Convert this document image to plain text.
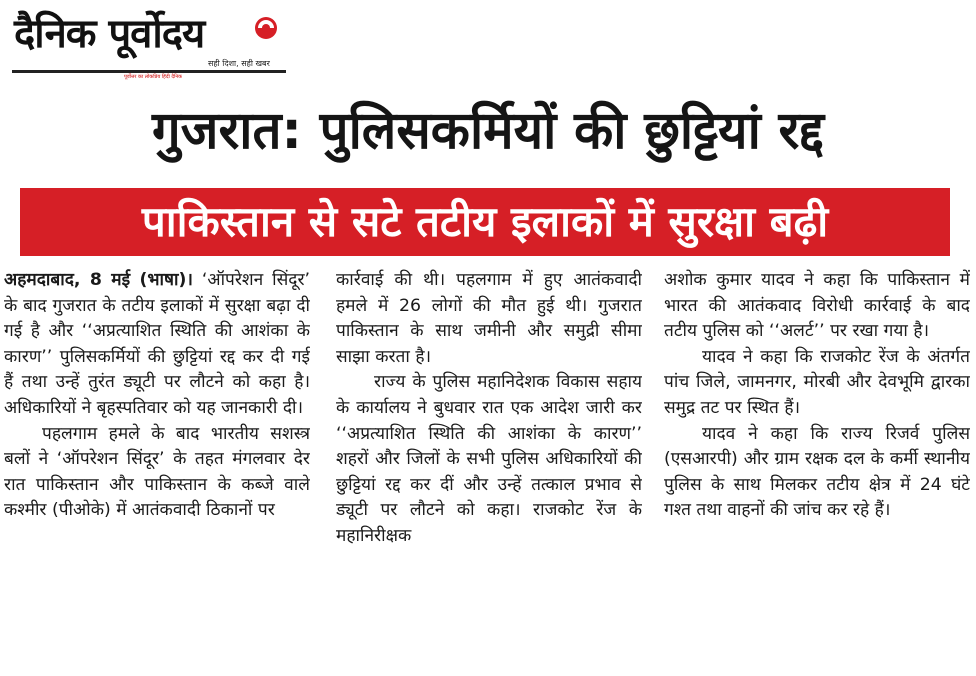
दैनिक पूर्वोदय
सही दिशा, सही खबर
पूर्वोत्तर का लोकप्रिय हिंदी दैनिक
गुजरात: पुलिसकर्मियों की छुट्टियां रद्द
पाकिस्तान से सटे तटीय इलाकों में सुरक्षा बढ़ी

अहमदाबाद, 8 मई (भाषा)। ‘ऑपरेशन सिंदूर’ के बाद गुजरात के तटीय इलाकों में सुरक्षा बढ़ा दी गई है और ‘‘अप्रत्याशित स्थिति की आशंका के कारण’’ पुलिसकर्मियों की छुट्टियां रद्द कर दी गई हैं तथा उन्हें तुरंत ड्यूटी पर लौटने को कहा है। अधिकारियों ने बृहस्पतिवार को यह जानकारी दी।

पहलगाम हमले के बाद भारतीय सशस्त्र बलों ने ‘ऑपरेशन सिंदूर’ के तहत मंगलवार देर रात पाकिस्तान और पाकिस्तान के कब्जे वाले कश्मीर (पीओके) में आतंकवादी ठिकानों पर

कार्रवाई की थी। पहलगाम में हुए आतंकवादी हमले में 26 लोगों की मौत हुई थी। गुजरात पाकिस्तान के साथ जमीनी और समुद्री सीमा साझा करता है।

राज्य के पुलिस महानिदेशक विकास सहाय के कार्यालय ने बुधवार रात एक आदेश जारी कर ‘‘अप्रत्याशित स्थिति की आशंका के कारण’’ शहरों और जिलों के सभी पुलिस अधिकारियों की छुट्टियां रद्द कर दीं और उन्हें तत्काल प्रभाव से ड्यूटी पर लौटने को कहा। राजकोट रेंज के महानिरीक्षक

अशोक कुमार यादव ने कहा कि पाकिस्तान में भारत की आतंकवाद विरोधी कार्रवाई के बाद तटीय पुलिस को ‘‘अलर्ट’’ पर रखा गया है।

यादव ने कहा कि राजकोट रेंज के अंतर्गत पांच जिले, जामनगर, मोरबी और देवभूमि द्वारका समुद्र तट पर स्थित हैं।

यादव ने कहा कि राज्य रिजर्व पुलिस (एसआरपी) और ग्राम रक्षक दल के कर्मी स्थानीय पुलिस के साथ मिलकर तटीय क्षेत्र में 24 घंटे गश्त तथा वाहनों की जांच कर रहे हैं।
